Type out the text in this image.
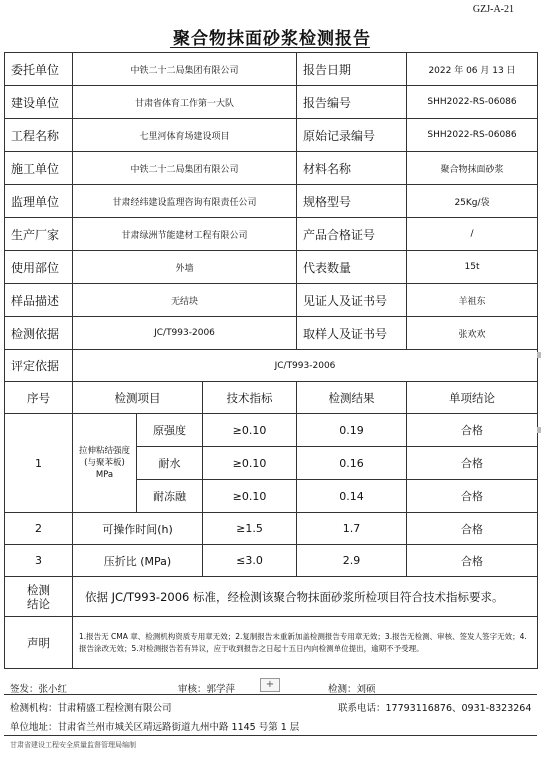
GZJ-A-21
聚合物抹面砂浆检测报告
委托单位	中铁二十二局集团有限公司			报告日期	2022 年 06 月 13 日
建设单位	甘肃省体育工作第一大队			报告编号	SHH2022-RS-06086
工程名称	七里河体育场建设项目			原始记录编号	SHH2022-RS-06086
施工单位	中铁二十二局集团有限公司			材料名称	聚合物抹面砂浆
监理单位	甘肃经纬建设监理咨询有限责任公司			规格型号	25Kg/袋
生产厂家	甘肃绿洲节能建材工程有限公司			产品合格证号	/
使用部位	外墙			代表数量	15t
样品描述	无结块			见证人及证书号	羊祖东
检测依据	JC/T993-2006			取样人及证书号	张欢欢
评定依据	JC/T993-2006				
序号	检测项目		技术指标	检测结果	单项结论
1	拉伸粘结强度
(与聚苯板)
MPa	原强度	≥0.10	0.19	合格
		耐水	≥0.10	0.16	合格
		耐冻融	≥0.10	0.14	合格
2	可操作时间(h)		≥1.5	1.7	合格
3	压折比 (MPa)		≤3.0	2.9	合格

检测
结论	依据 JC/T993-2006 标准，经检测该聚合物抹面砂浆所检项目符合技术指标要求。				
声明	1.报告无 CMA 章、检测机构资质专用章无效；2.复制报告未重新加盖检测报告专用章无效；3.报告无检测、审核、签发人签字无效；4.报告涂改无效；5.对检测报告若有异议，应于收到报告之日起十五日内向检测单位提出，逾期不予受理。				
签发：张小红	审核：郭学萍	+	检测：刘硕
检测机构：甘肃精盛工程检测有限公司	联系电话：17793116876、0931-8323264
单位地址：甘肃省兰州市城关区靖远路街道九州中路 1145 号第 1 层
甘肃省建设工程安全质量监督管理局编制
